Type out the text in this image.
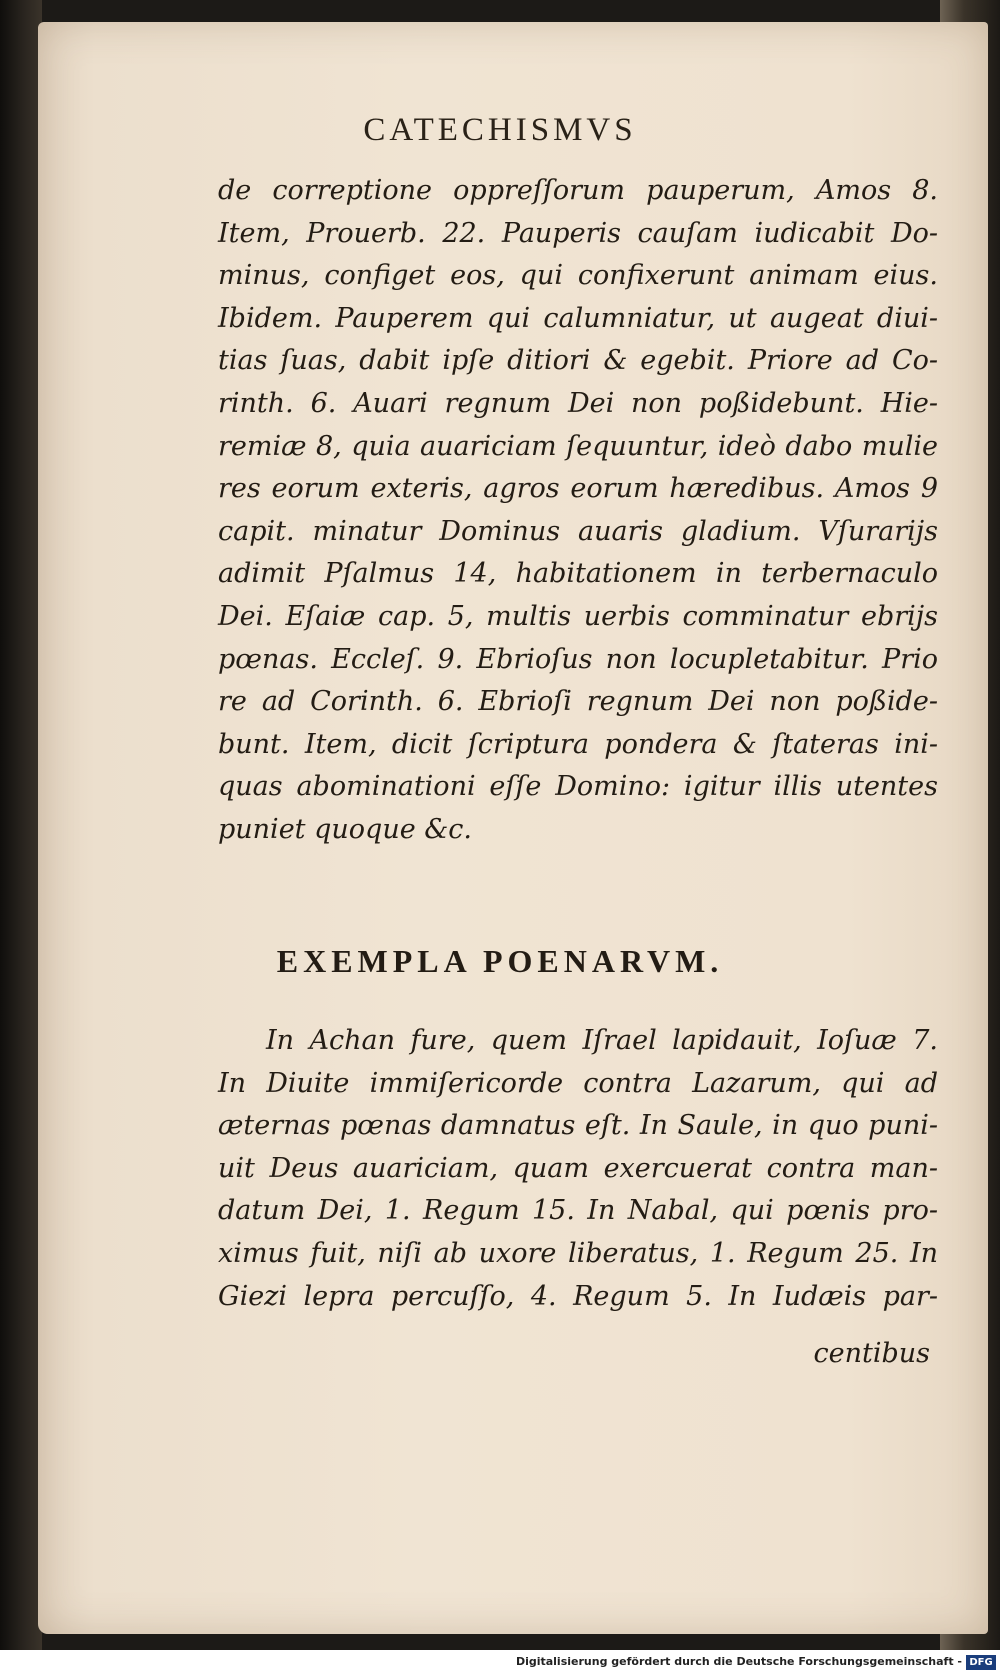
CATECHISMVS
de correptione oppreſſorum pauperum, Amos 8.
Item, Prouerb. 22. Pauperis cauſam iudicabit Do-
minus, configet eos, qui confixerunt animam eius.
Ibidem. Pauperem qui calumniatur, ut augeat diui-
tias ſuas, dabit ipſe ditiori & egebit. Priore ad Co-
rinth. 6. Auari regnum Dei non poßidebunt. Hie-
remiæ 8, quia auariciam ſequuntur, ideò dabo mulie
res eorum exteris, agros eorum hæredibus. Amos 9
capit. minatur Dominus auaris gladium. Vſurarijs
adimit Pſalmus 14, habitationem in terbernaculo
Dei. Eſaiæ cap. 5, multis uerbis comminatur ebrijs
pœnas. Eccleſ. 9. Ebrioſus non locupletabitur. Prio
re ad Corinth. 6. Ebrioſi regnum Dei non poßide-
bunt. Item, dicit ſcriptura pondera & ſtateras ini-
quas abominationi eſſe Domino: igitur illis utentes
puniet quoque &c.
EXEMPLA POENARVM.
In Achan fure, quem Iſrael lapidauit, Ioſuæ 7.
In Diuite immiſericorde contra Lazarum, qui ad
æternas pœnas damnatus eſt. In Saule, in quo puni-
uit Deus auariciam, quam exercuerat contra man-
datum Dei, 1. Regum 15. In Nabal, qui pœnis pro-
ximus fuit, niſi ab uxore liberatus, 1. Regum 25. In
Giezi lepra percuſſo, 4. Regum 5. In Iudæis par-
centibus
Digitalisierung gefördert durch die Deutsche Forschungsgemeinschaft - DFG
